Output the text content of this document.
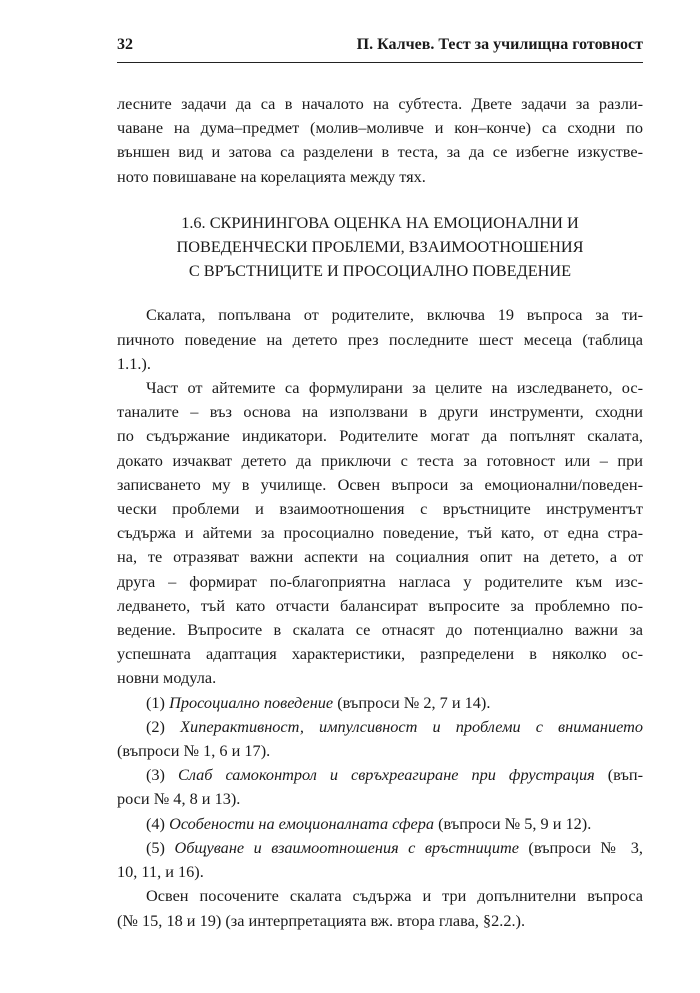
32	П. Калчев. Тест за училищна готовност

лесните задачи да са в началото на субтеста. Двете задачи за разли-
чаване на дума–предмет (молив–моливче и кон–конче) са сходни по
външен вид и затова са разделени в теста, за да се избегне изкустве-
ното повишаване на корелацията между тях.

1.6. СКРИНИНГОВА ОЦЕНКА НА ЕМОЦИОНАЛНИ И
ПОВЕДЕНЧЕСКИ ПРОБЛЕМИ, ВЗАИМООТНОШЕНИЯ
С ВРЪСТНИЦИТЕ И ПРОСОЦИАЛНО ПОВЕДЕНИЕ

Скалата, попълвана от родителите, включва 19 въпроса за ти-
пичното поведение на детето през последните шест месеца (таблица
1.1.).

Част от айтемите са формулирани за целите на изследването, ос-
таналите – въз основа на използвани в други инструменти, сходни
по съдържание индикатори. Родителите могат да попълнят скалата,
докато изчакват детето да приключи с теста за готовност или – при
записването му в училище. Освен въпроси за емоционални/поведен-
чески проблеми и взаимоотношения с връстниците инструментът
съдържа и айтеми за просоциално поведение, тъй като, от една стра-
на, те отразяват важни аспекти на социалния опит на детето, а от
друга – формират по-благоприятна нагласа у родителите към изс-
ледването, тъй като отчасти балансират въпросите за проблемно по-
ведение. Въпросите в скалата се отнасят до потенциално важни за
успешната адаптация характеристики, разпределени в няколко ос-
новни модула.

(1) Просоциално поведение (въпроси № 2, 7 и 14).

(2) Хиперактивност, импулсивност и проблеми с вниманието
(въпроси № 1, 6 и 17).

(3) Слаб самоконтрол и свръхреагиране при фрустрация (въп-
роси № 4, 8 и 13).

(4) Особености на емоционалната сфера (въпроси № 5, 9 и 12).

(5) Общуване и взаимоотношения с връстниците (въпроси № 3,
10, 11, и 16).

Освен посочените скалата съдържа и три допълнителни въпроса
(№ 15, 18 и 19) (за интерпретацията вж. втора глава, §2.2.).
